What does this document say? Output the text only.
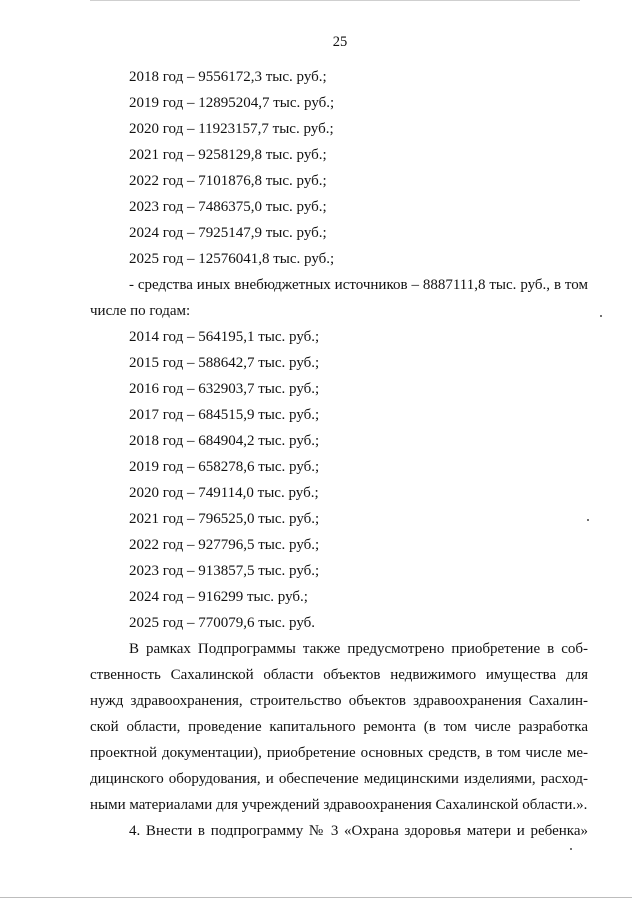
25
2018 год – 9556172,3 тыс. руб.;
2019 год – 12895204,7 тыс. руб.;
2020 год – 11923157,7 тыс. руб.;
2021 год – 9258129,8 тыс. руб.;
2022 год – 7101876,8 тыс. руб.;
2023 год – 7486375,0 тыс. руб.;
2024 год – 7925147,9 тыс. руб.;
2025 год – 12576041,8 тыс. руб.;
- средства иных внебюджетных источников – 8887111,8 тыс. руб., в том
числе по годам:
2014 год – 564195,1 тыс. руб.;
2015 год – 588642,7 тыс. руб.;
2016 год – 632903,7 тыс. руб.;
2017 год – 684515,9 тыс. руб.;
2018 год – 684904,2 тыс. руб.;
2019 год – 658278,6 тыс. руб.;
2020 год – 749114,0 тыс. руб.;
2021 год – 796525,0 тыс. руб.;
2022 год – 927796,5 тыс. руб.;
2023 год – 913857,5 тыс. руб.;
2024 год – 916299 тыс. руб.;
2025 год – 770079,6 тыс. руб.
В рамках Подпрограммы также предусмотрено приобретение в соб-
ственность Сахалинской области объектов недвижимого имущества для
нужд здравоохранения, строительство объектов здравоохранения Сахалин-
ской области, проведение капитального ремонта (в том числе разработка
проектной документации), приобретение основных средств, в том числе ме-
дицинского оборудования, и обеспечение медицинскими изделиями, расход-
ными материалами для учреждений здравоохранения Сахалинской области.».
4. Внести в подпрограмму № 3 «Охрана здоровья матери и ребенка»
